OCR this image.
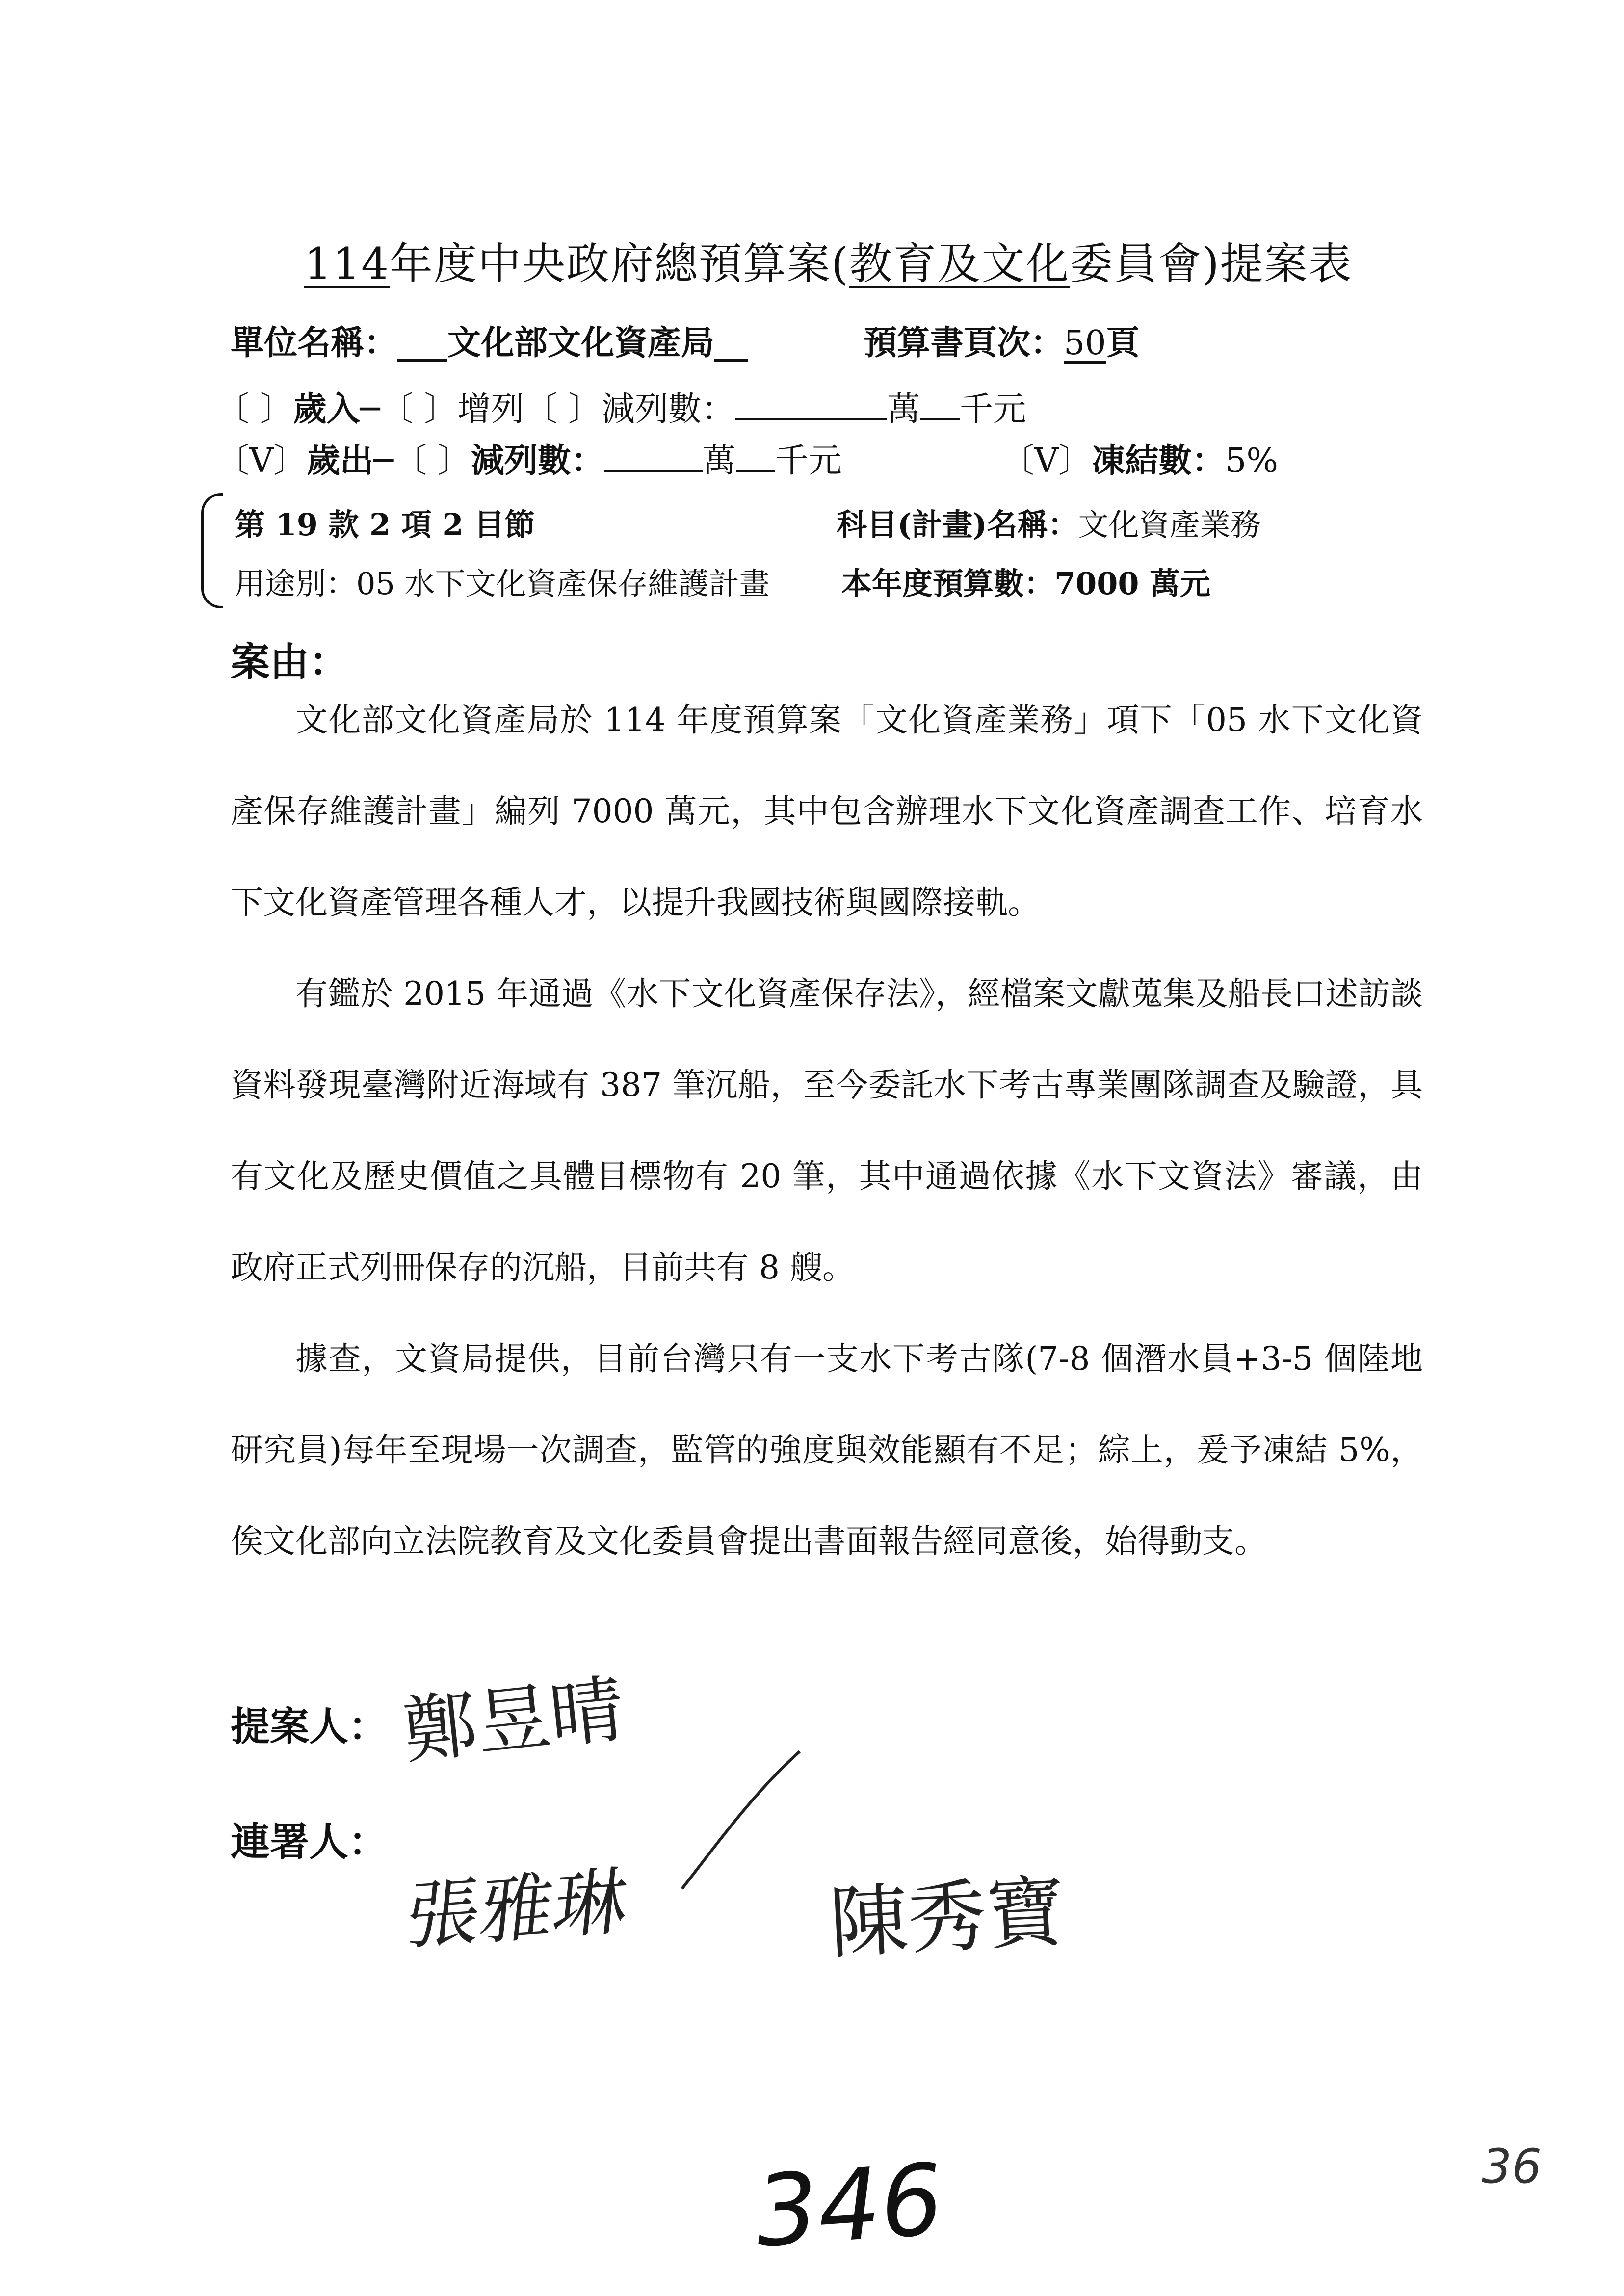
114年度中央政府總預算案(教育及文化委員會)提案表
單位名稱：___文化部文化資產局__	預算書頁次：50頁
〔 〕歲入─〔 〕增列〔 〕減列數：	萬 千元
〔V〕歲出─〔 〕減列數：	萬 千元	〔V〕凍結數：5%
第 19 款 2 項 2 目節	科目(計畫)名稱：文化資產業務
用途別：05 水下文化資產保存維護計畫 本年度預算數：7000 萬元
案由：

文化部文化資產局於 114 年度預算案「文化資產業務」項下「05 水下文化資產保存維護計畫」編列 7000 萬元，其中包含辦理水下文化資產調查工作、培育水下文化資產管理各種人才，以提升我國技術與國際接軌。

有鑑於 2015 年通過《水下文化資產保存法》，經檔案文獻蒐集及船長口述訪談資料發現臺灣附近海域有 387 筆沉船，至今委託水下考古專業團隊調查及驗證，具有文化及歷史價值之具體目標物有 20 筆，其中通過依據《水下文資法》審議，由政府正式列冊保存的沉船，目前共有 8 艘。

據查，文資局提供，目前台灣只有一支水下考古隊(7-8 個潛水員+3-5 個陸地研究員)每年至現場一次調查，監管的強度與效能顯有不足；綜上，爰予凍結 5%，俟文化部向立法院教育及文化委員會提出書面報告經同意後，始得動支。

提案人： 鄭昱晴
連署人：
張雅琳 陳秀寶
346	36
